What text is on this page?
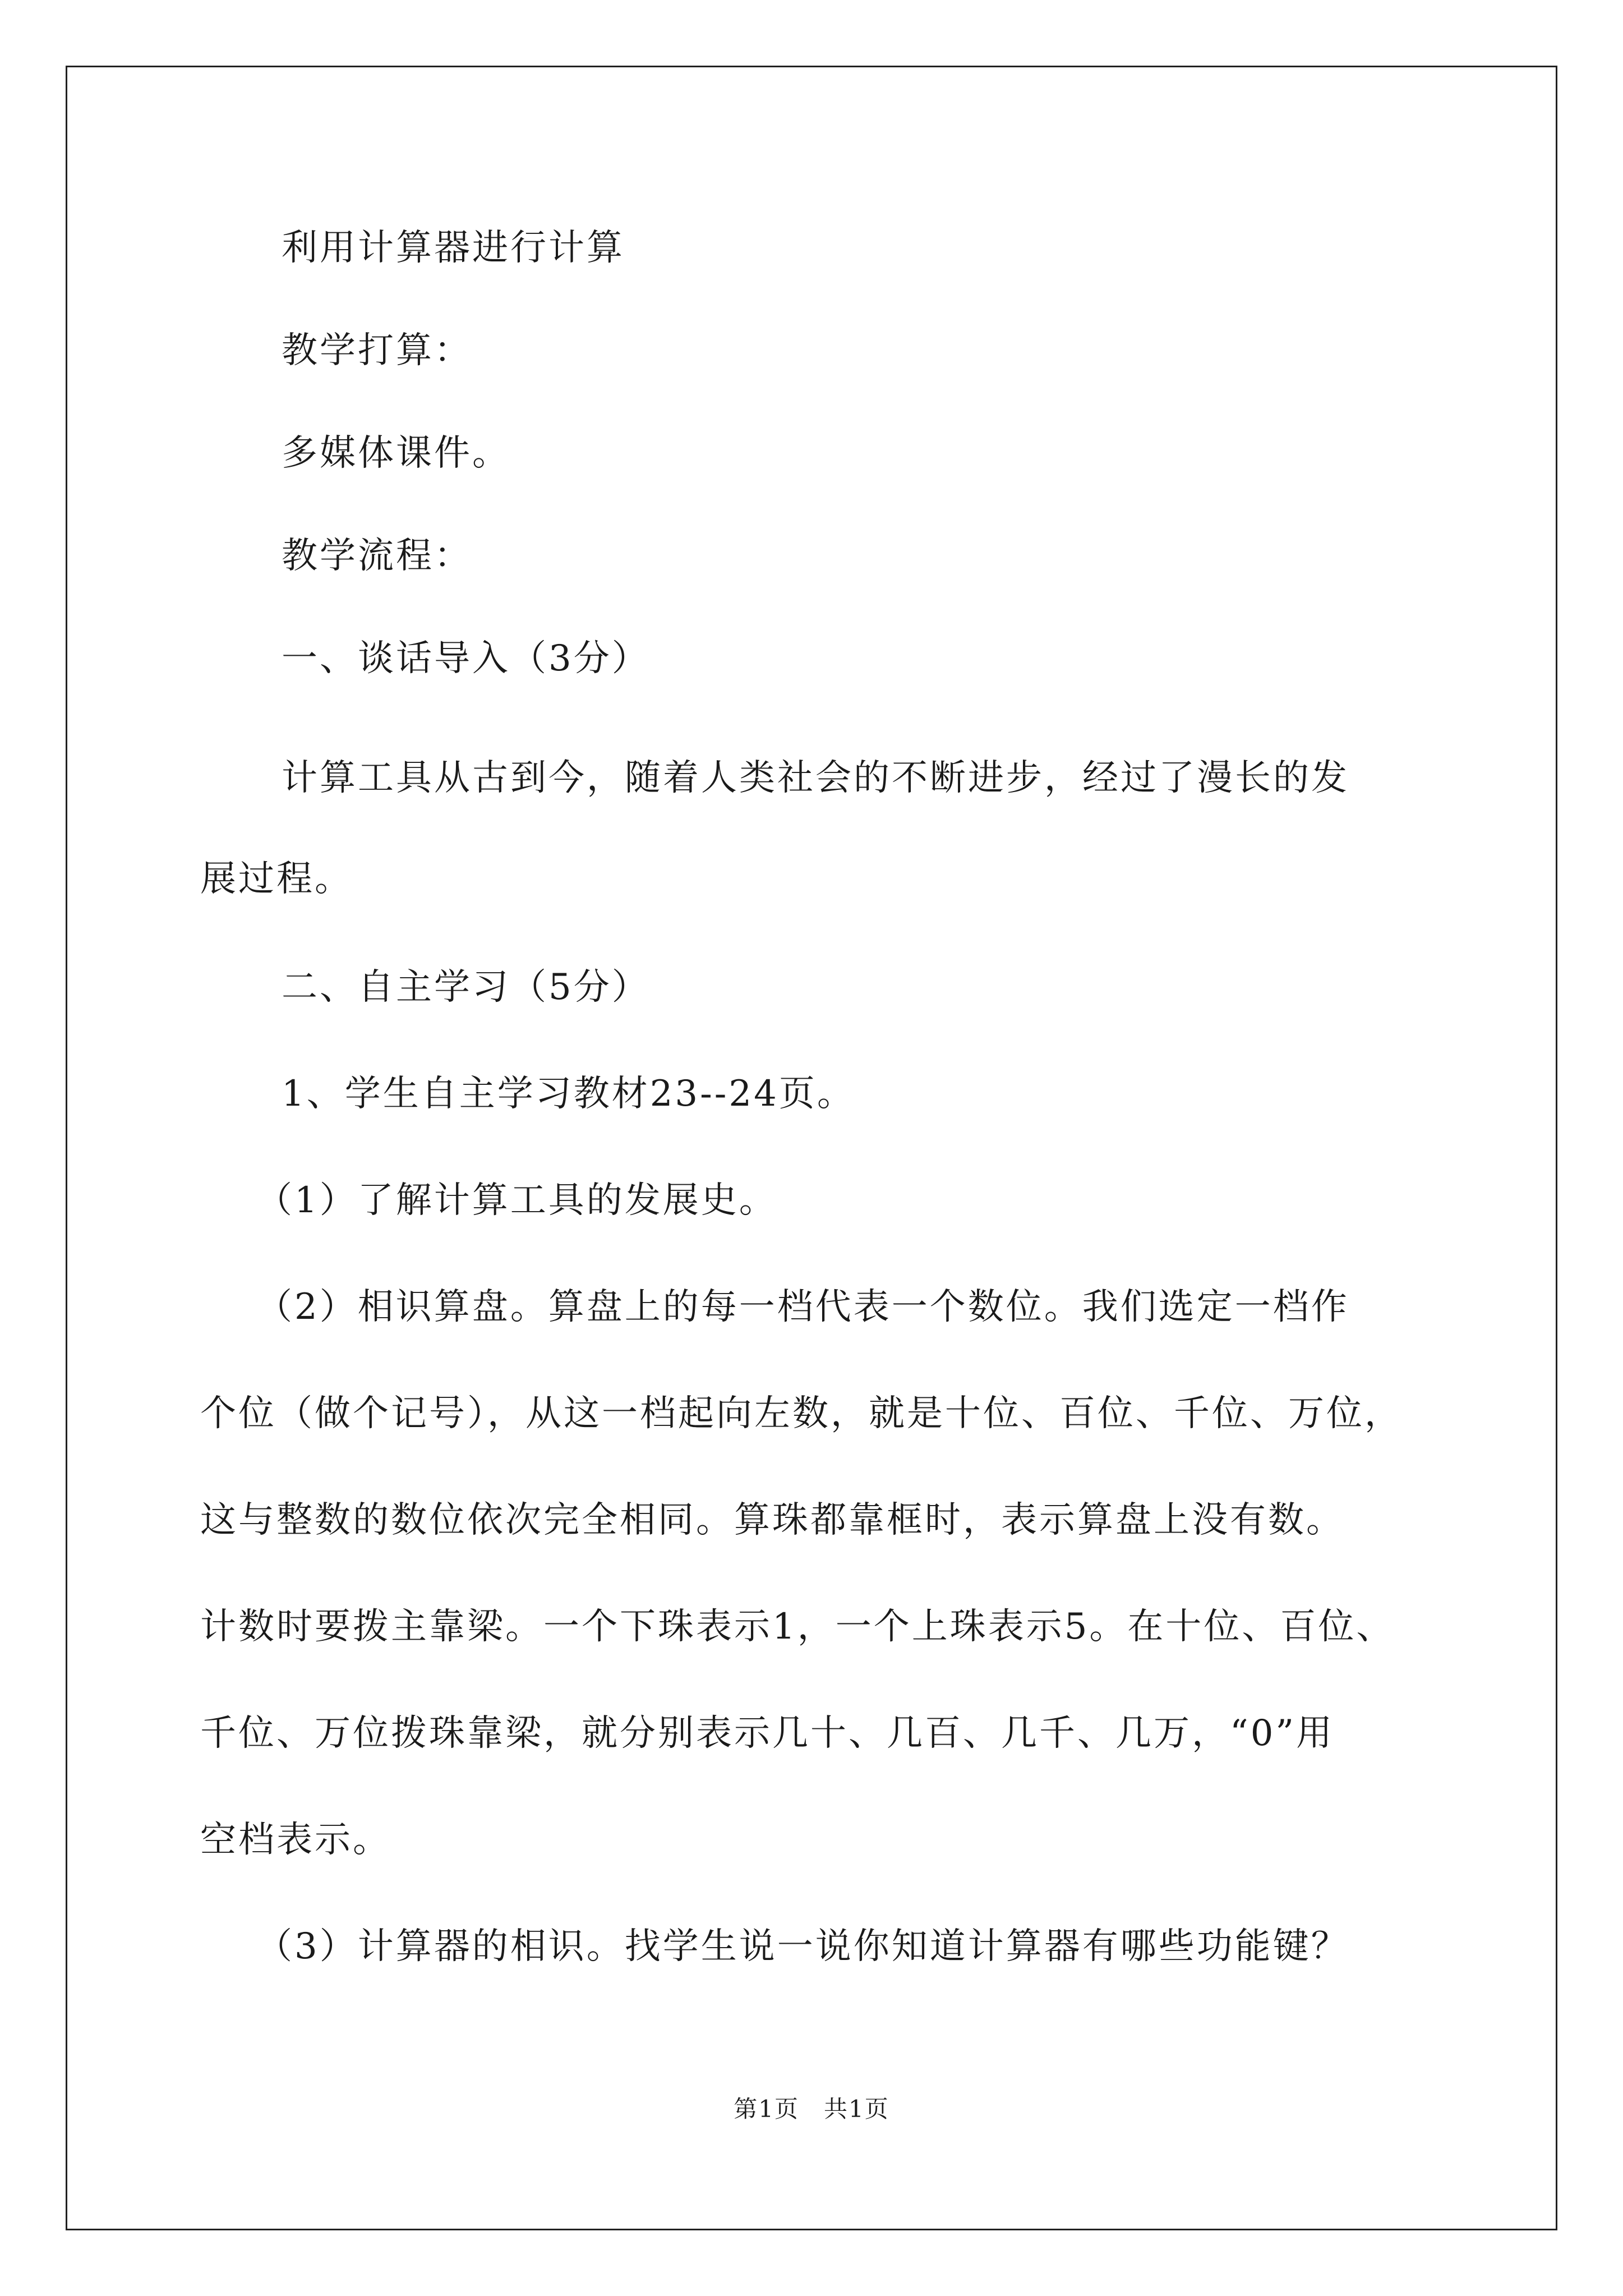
利用计算器进行计算
教学打算：
多媒体课件。
教学流程：
一、谈话导入（3分）
计算工具从古到今，随着人类社会的不断进步，经过了漫长的发
展过程。
二、自主学习（5分）
1、学生自主学习教材23--24页。
（1）了解计算工具的发展史。
（2）相识算盘。算盘上的每一档代表一个数位。我们选定一档作
个位（做个记号），从这一档起向左数，就是十位、百位、千位、万位，
这与整数的数位依次完全相同。算珠都靠框时，表示算盘上没有数。
计数时要拨主靠梁。一个下珠表示1，一个上珠表示5。在十位、百位、
千位、万位拨珠靠梁，就分别表示几十、几百、几千、几万，“0”用
空档表示。
（3）计算器的相识。找学生说一说你知道计算器有哪些功能键？
第1页　共1页
